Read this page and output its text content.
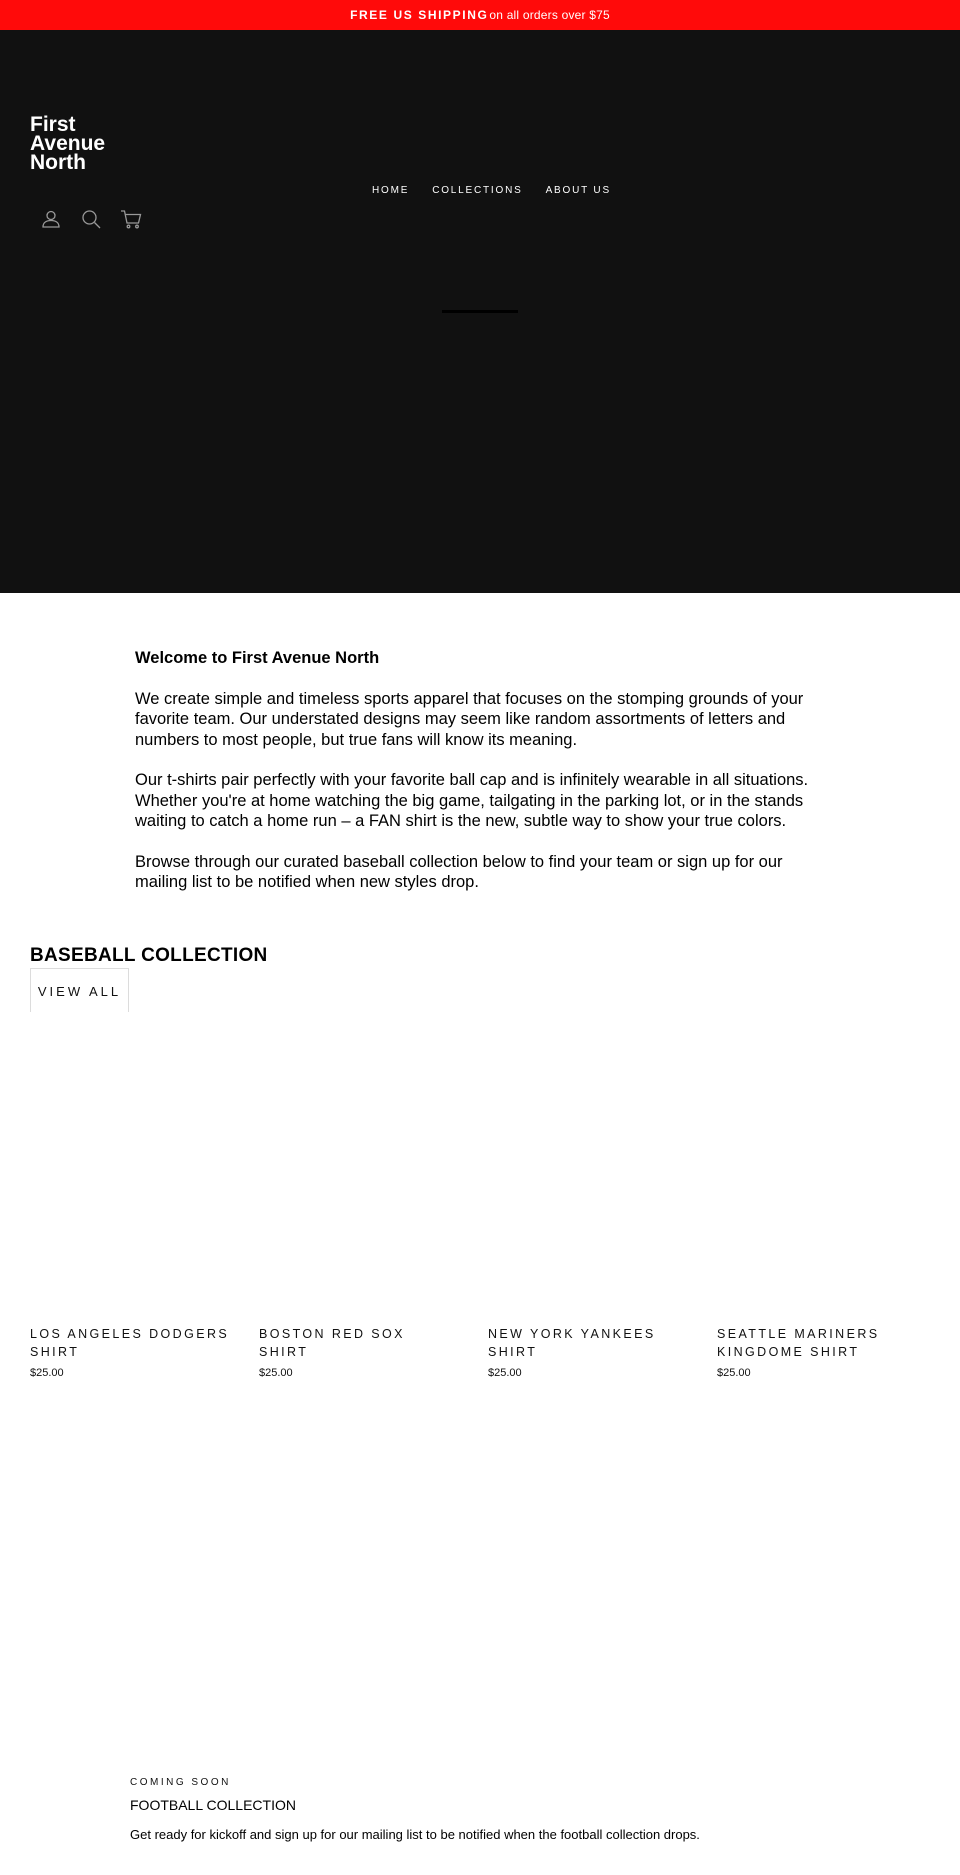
FREE US SHIPPING on all orders over $75
First
Avenue
North
HOME COLLECTIONS ABOUT US
Welcome to First Avenue North

We create simple and timeless sports apparel that focuses on the stomping grounds of your favorite team. Our understated designs may seem like random assortments of letters and numbers to most people, but true fans will know its meaning.

Our t-shirts pair perfectly with your favorite ball cap and is infinitely wearable in all situations. Whether you're at home watching the big game, tailgating in the parking lot, or in the stands waiting to catch a home run – a FAN shirt is the new, subtle way to show your true colors.

Browse through our curated baseball collection below to find your team or sign up for our mailing list to be notified when new styles drop.

BASEBALL COLLECTION
VIEW ALL
LOS ANGELES DODGERS SHIRT
$25.00
BOSTON RED SOX SHIRT
$25.00
NEW YORK YANKEES SHIRT
$25.00
SEATTLE MARINERS KINGDOME SHIRT
$25.00
COMING SOON
FOOTBALL COLLECTION
Get ready for kickoff and sign up for our mailing list to be notified when the football collection drops.
